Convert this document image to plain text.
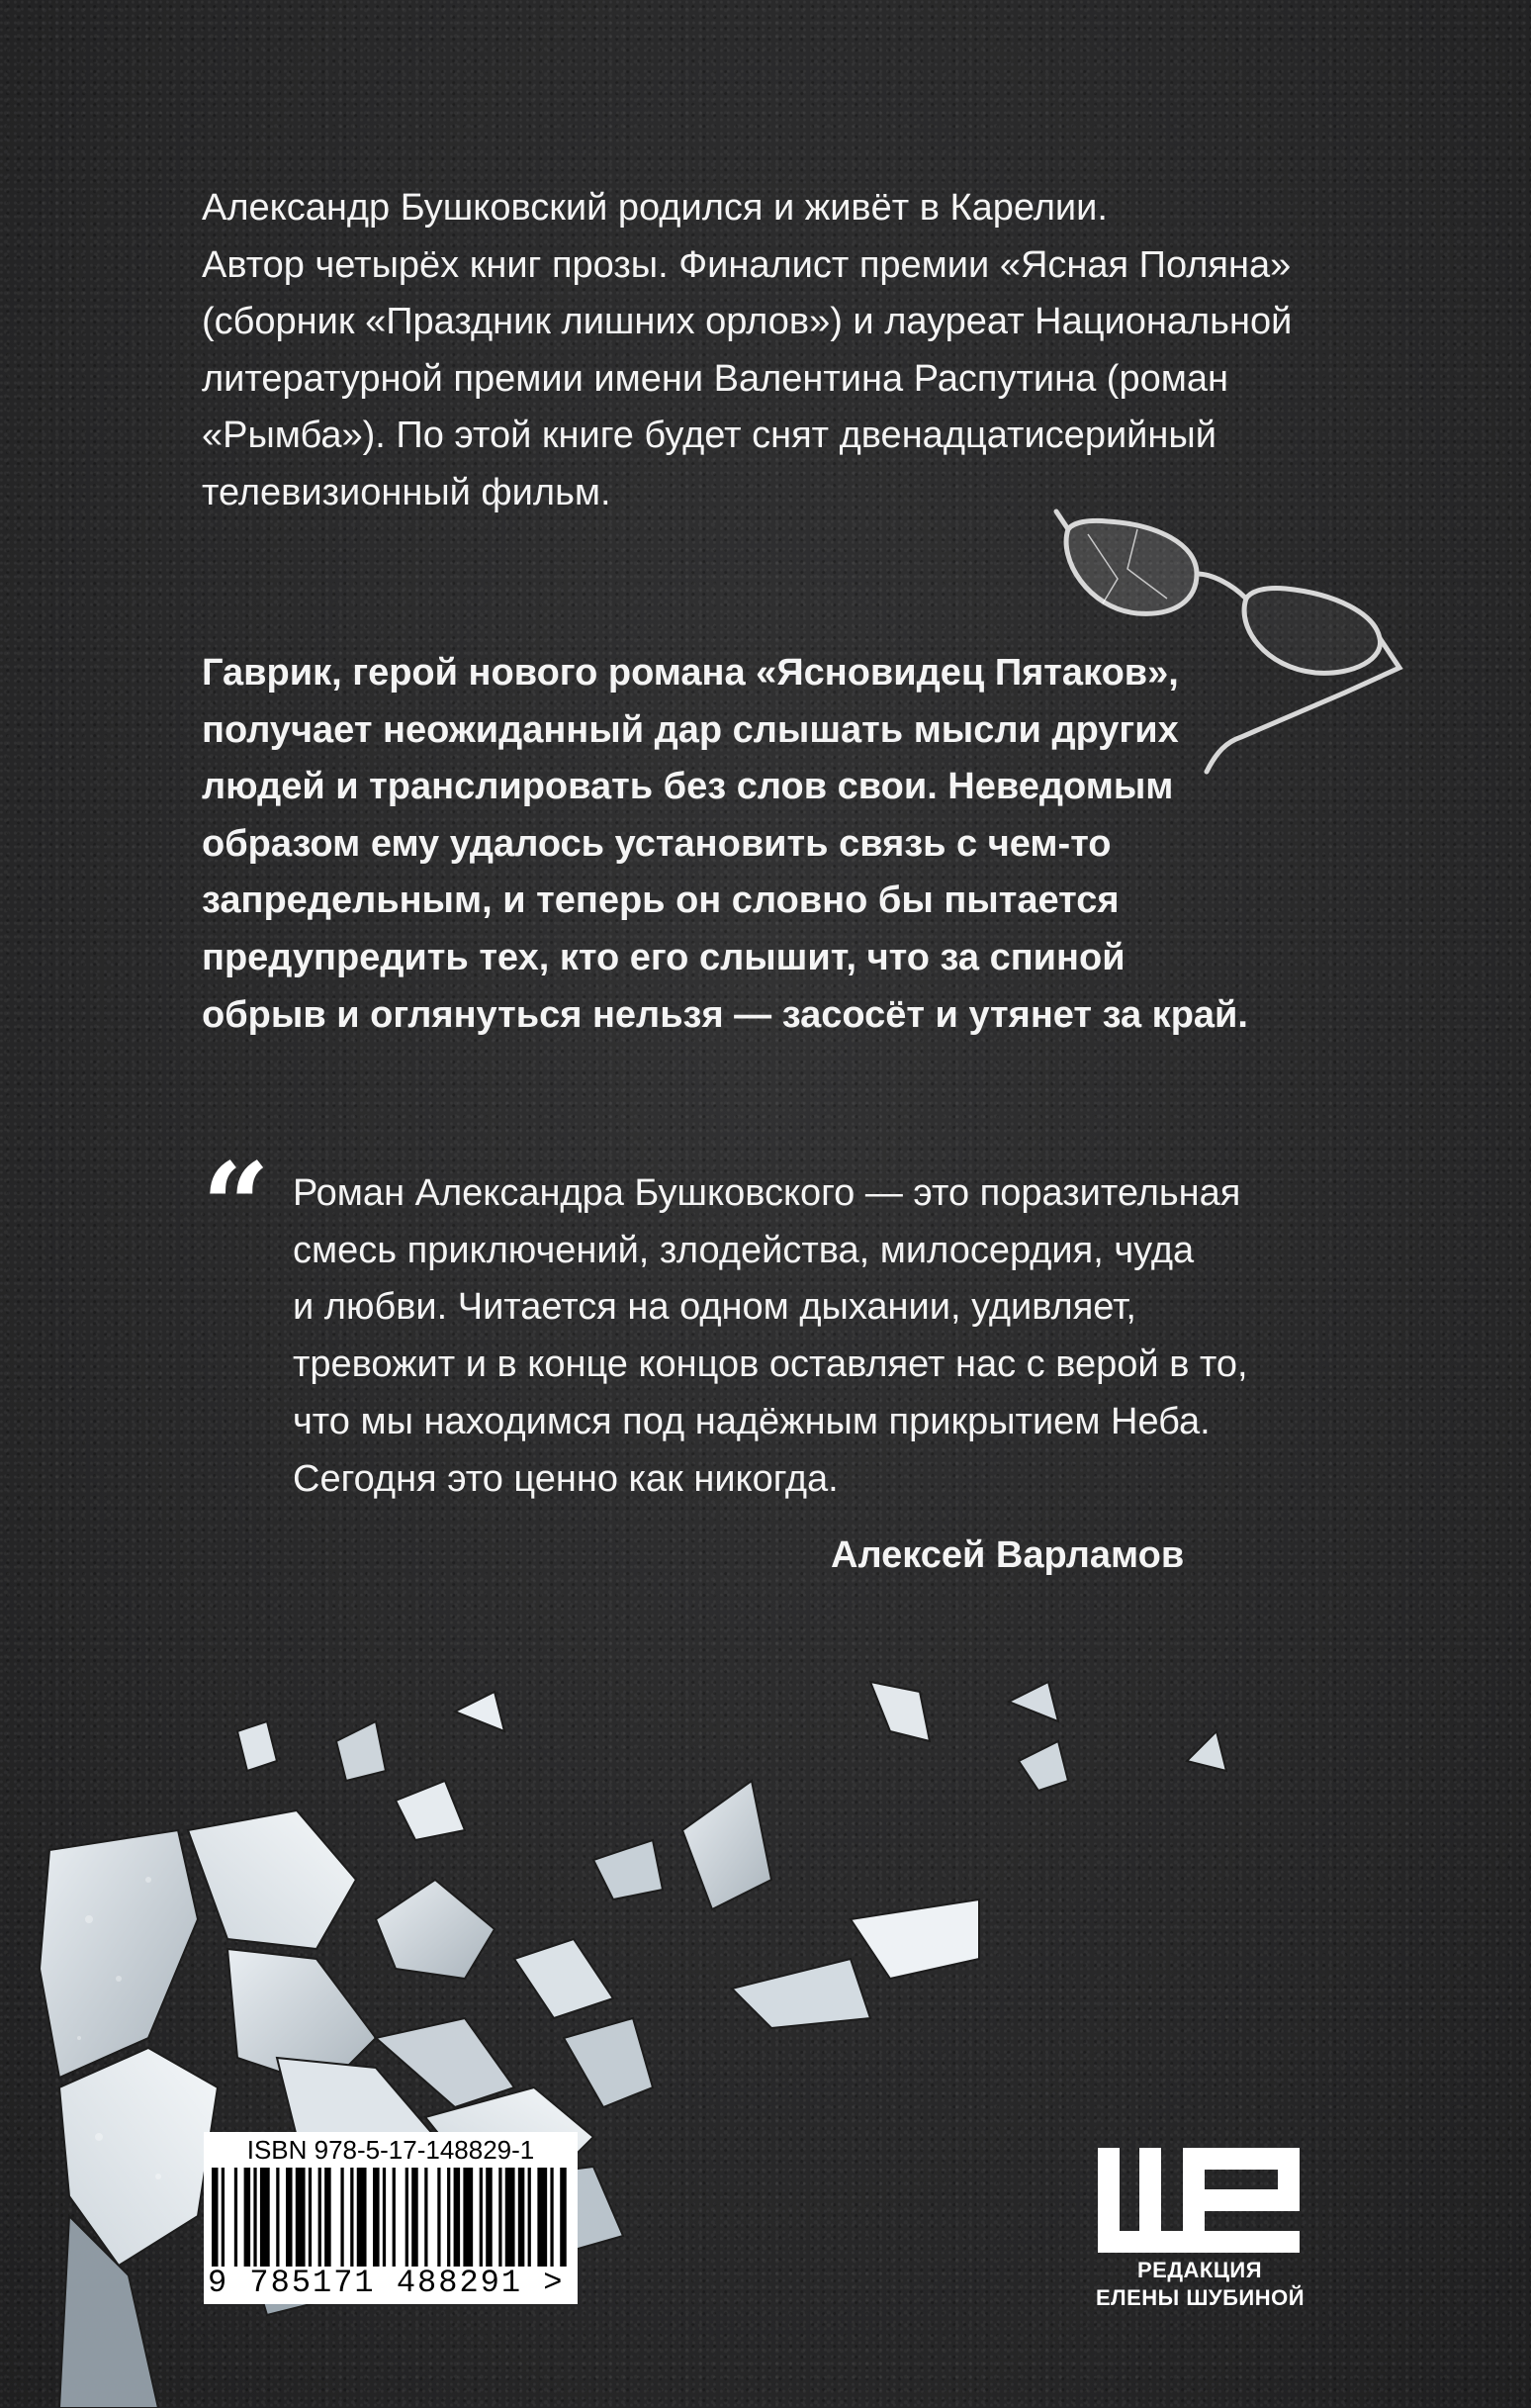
Александр Бушковский родился и живёт в Карелии.
Автор четырёх книг прозы. Финалист премии «Ясная Поляна»
(сборник «Праздник лишних орлов») и лауреат Национальной
литературной премии имени Валентина Распутина (роман
«Рымба»). По этой книге будет снят двенадцатисерийный
телевизионный фильм.
Гаврик, герой нового романа «Ясновидец Пятаков»,
получает неожиданный дар слышать мысли других
людей и транслировать без слов свои. Неведомым
образом ему удалось установить связь с чем-то
запредельным, и теперь он словно бы пытается
предупредить тех, кто его слышит, что за спиной
обрыв и оглянуться нельзя — засосёт и утянет за край.
“ Роман Александра Бушковского — это поразительная
смесь приключений, злодейства, милосердия, чуда
и любви. Читается на одном дыхании, удивляет,
тревожит и в конце концов оставляет нас с верой в то,
что мы находимся под надёжным прикрытием Неба.
Сегодня это ценно как никогда.
Алексей Варламов
ISBN 978-5-17-148829-1
9 785171 488291 >	РЕДАКЦИЯ
ЕЛЕНЫ ШУБИНОЙ
